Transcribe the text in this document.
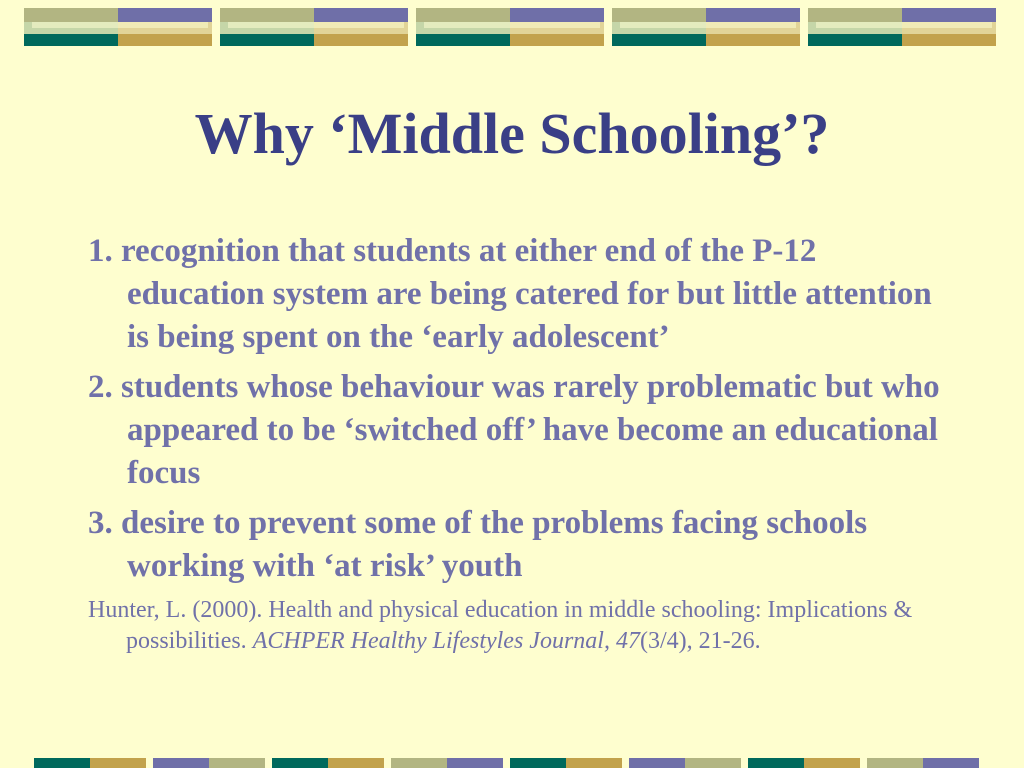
Why ‘Middle Schooling’?

1. recognition that students at either end of the P-12 education system are being catered for but little attention is being spent on the ‘early adolescent’

2. students whose behaviour was rarely problematic but who appeared to be ‘switched off’ have become an educational focus

3. desire to prevent some of the problems facing schools working with ‘at risk’ youth

Hunter, L. (2000). Health and physical education in middle schooling: Implications & possibilities. ACHPER Healthy Lifestyles Journal, 47(3/4), 21-26.
